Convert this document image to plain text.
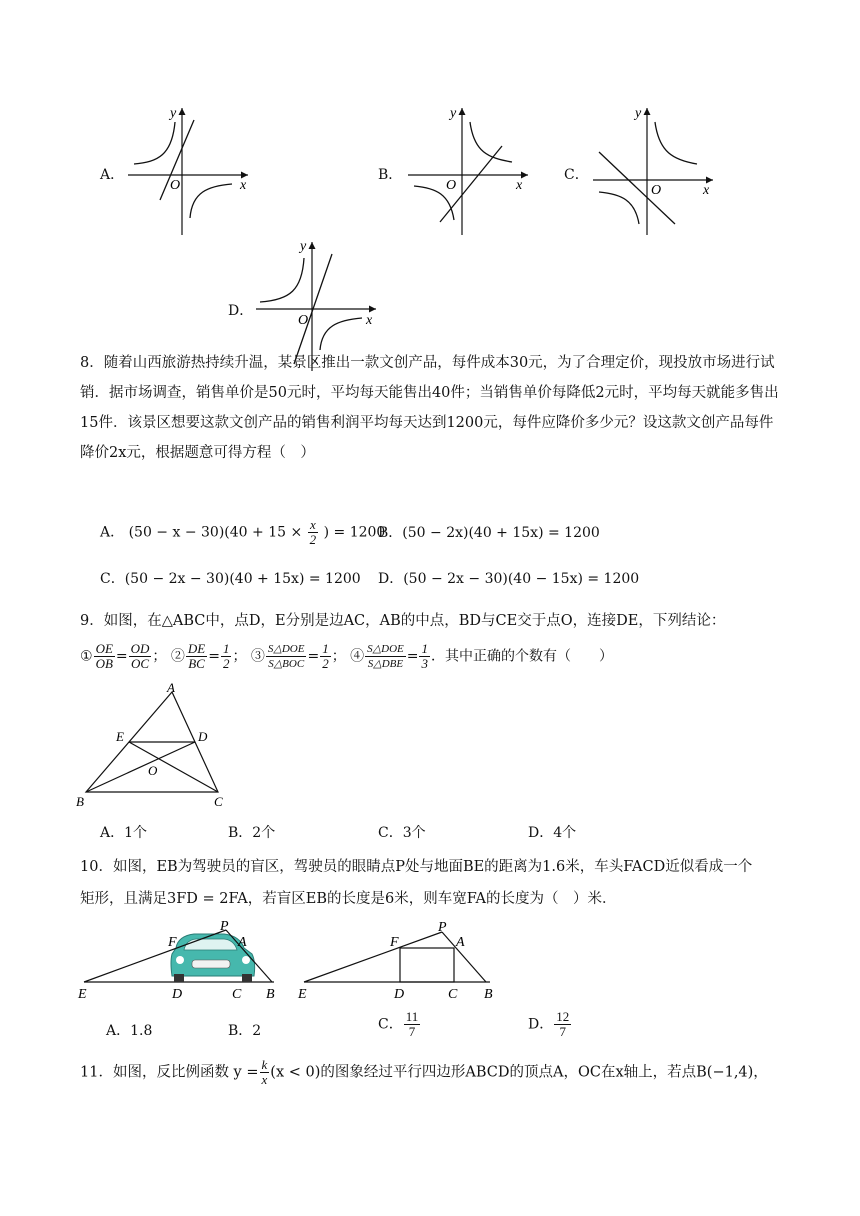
A．
y
O	x
B．
y
O	x
C．
y
O	x
D．
y
O	x
8．随着山西旅游热持续升温，某景区推出一款文创产品，每件成本30元，为了合理定价，现投放市场进行试销．据市场调查，销售单价是50元时，平均每天能售出40件；当销售单价每降低2元时，平均每天就能多售出15件．该景区想要这款文创产品的销售利润平均每天达到1200元，每件应降价多少元？设这款文创产品每件降价2x元，根据题意可得方程（　）
A． $(50 - x - 30)(40 + 15 \times \frac{x}{2}$ ) = 1200
B．(50 − 2x)(40 + 15x) = 1200
C．(50 − 2x − 30)(40 + 15x) = 1200 D．(50 − 2x − 30)(40 − 15x) = 1200
9．如图，在△ABC中，点D，E分别是边AC，AB的中点，BD与CE交于点O，连接DE，下列结论：
① $\frac{OE}{OB} = \frac{OD}{OC}$ ； ② $\frac{DE}{BC} = \frac{1}{2}$ ； ③ $\frac{\text{S△DOE}}{\text{S△BOC}} = \frac{1}{2}$ ； ④ $\frac{\text{S△DOE}}{\text{S△DBE}} = \frac{1}{3}$ ．其中正确的个数有（　　）
A
E	D
O
B	C
A．1个	B．2个	C．3个	D．4个
10．如图，EB为驾驶员的盲区，驾驶员的眼睛点P处与地面BE的距离为1.6米，车头FACD近似看成一个
矩形，且满足3FD = 2FA，若盲区EB的长度是6米，则车宽FA的长度为（　）米．
P
F	A
E	D	C B
P
F	A
E	D	C B
A．1.8	B．2	C． $\frac{11}{7}$	D． $\frac{12}{7}$
11．如图，反比例函数 $y = \frac{k}{x} (x < 0)$的图象经过平行四边形ABCD的顶点A，OC在x轴上，若点B(−1,4)，
